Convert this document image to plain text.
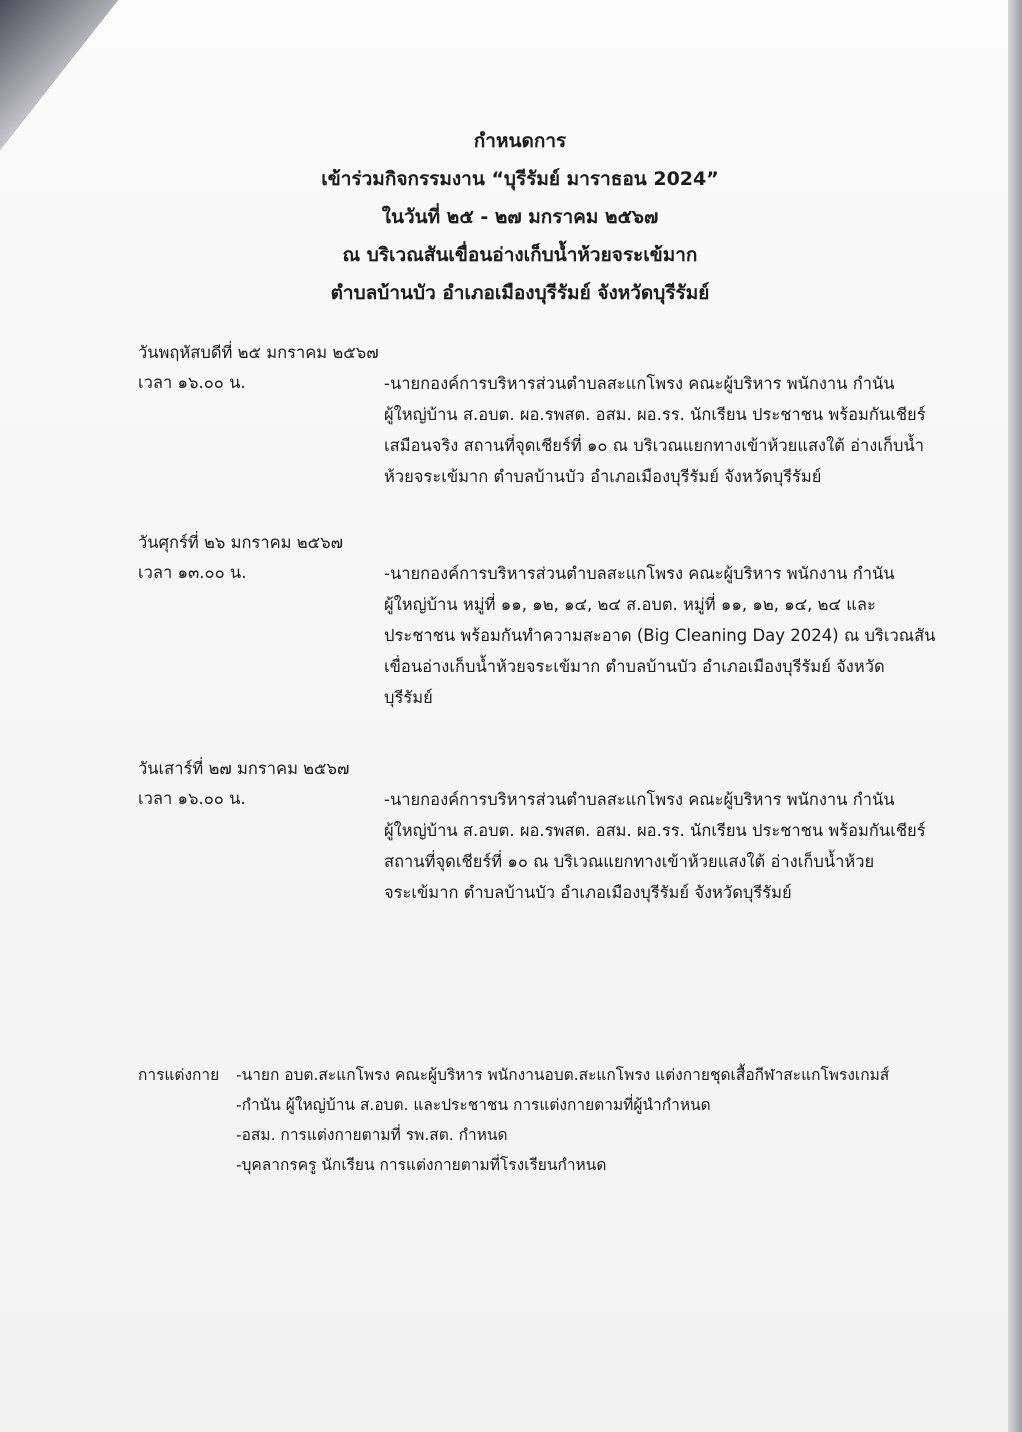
กำหนดการ
เข้าร่วมกิจกรรมงาน “บุรีรัมย์ มาราธอน 2024”
ในวันที่ ๒๕ - ๒๗ มกราคม ๒๕๖๗
ณ บริเวณสันเขื่อนอ่างเก็บน้ำห้วยจระเข้มาก
ตำบลบ้านบัว อำเภอเมืองบุรีรัมย์ จังหวัดบุรีรัมย์
วันพฤหัสบดีที่ ๒๕ มกราคม ๒๕๖๗
เวลา ๑๖.๐๐ น.	-นายกองค์การบริหารส่วนตำบลสะแกโพรง คณะผู้บริหาร พนักงาน กำนัน
ผู้ใหญ่บ้าน ส.อบต. ผอ.รพสต. อสม. ผอ.รร. นักเรียน ประชาชน พร้อมกันเชียร์
เสมือนจริง สถานที่จุดเชียร์ที่ ๑๐ ณ บริเวณแยกทางเข้าห้วยแสงใต้ อ่างเก็บน้ำ
ห้วยจระเข้มาก ตำบลบ้านบัว อำเภอเมืองบุรีรัมย์ จังหวัดบุรีรัมย์
วันศุกร์ที่ ๒๖ มกราคม ๒๕๖๗
เวลา ๑๓.๐๐ น.	-นายกองค์การบริหารส่วนตำบลสะแกโพรง คณะผู้บริหาร พนักงาน กำนัน
ผู้ใหญ่บ้าน หมู่ที่ ๑๑, ๑๒, ๑๔, ๒๔ ส.อบต. หมู่ที่ ๑๑, ๑๒, ๑๔, ๒๔ และ
ประชาชน พร้อมกันทำความสะอาด (Big Cleaning Day 2024) ณ บริเวณสัน
เขื่อนอ่างเก็บน้ำห้วยจระเข้มาก ตำบลบ้านบัว อำเภอเมืองบุรีรัมย์ จังหวัด
บุรีรัมย์
วันเสาร์ที่ ๒๗ มกราคม ๒๕๖๗
เวลา ๑๖.๐๐ น.	-นายกองค์การบริหารส่วนตำบลสะแกโพรง คณะผู้บริหาร พนักงาน กำนัน
ผู้ใหญ่บ้าน ส.อบต. ผอ.รพสต. อสม. ผอ.รร. นักเรียน ประชาชน พร้อมกันเชียร์
สถานที่จุดเชียร์ที่ ๑๐ ณ บริเวณแยกทางเข้าห้วยแสงใต้ อ่างเก็บน้ำห้วย
จระเข้มาก ตำบลบ้านบัว อำเภอเมืองบุรีรัมย์ จังหวัดบุรีรัมย์
การแต่งกาย -นายก อบต.สะแกโพรง คณะผู้บริหาร พนักงานอบต.สะแกโพรง แต่งกายชุดเสื้อกีฬาสะแกโพรงเกมส์
-กำนัน ผู้ใหญ่บ้าน ส.อบต. และประชาชน การแต่งกายตามที่ผู้นำกำหนด
-อสม. การแต่งกายตามที่ รพ.สต. กำหนด
-บุคลากรครู นักเรียน การแต่งกายตามที่โรงเรียนกำหนด
